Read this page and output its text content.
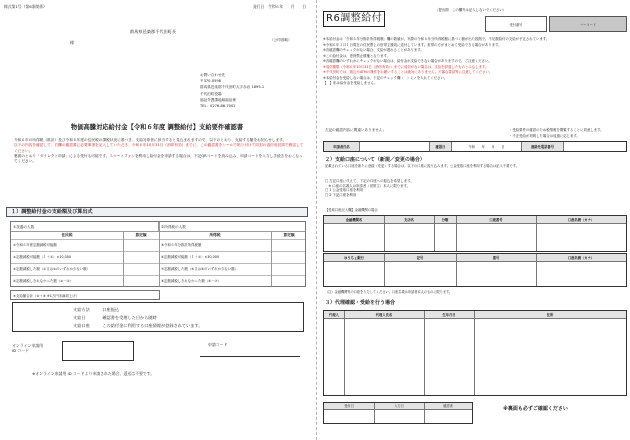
様式第1号（第6条関係）	発行日　令和６年　　月　　日
群馬県邑楽郡千代田町長
様	（公印省略）
お問い合わせ先
〒370-0598
群馬県邑楽郡千代田町大字赤岩 1895-1
千代田町役場
福祉介護課地域福祉係
TEL：0276-86-7002
物価高騰対応給付金【令和６年度 調整給付】支給要件確認書

令和６年の所得税（推計）及び令和６年度の住民税の課税状況に基づき、支給対象者に該当すると見込まれますので、以下のとおり、支給する額をお知らせします。

以下の内容を確認して、右欄の確認書に必要事項を記入していただき、令和６年10月31日（消印有効）までに、この確認書をシールで貼り付けて同封の返信用封筒で郵送してください。

裏面のとおり「ダイレクト申請」による受付も可能です。スマートフォンを利用し給付金を申請する場合は、下記QRコードを読み込み、申請コードを入力し手続きをおこなってください。

１）調整給付金の支給額及び算出式
①扶養の人数	②所得税の人数
住民税	算定額	所得税	算定額
①令和６年度定額減税可能額
②定額減税可能額（１＋①）×10,000
③定額減税した額（①又は②のいずれか少ない額）
④定額減税しきれなかった額（②－③）
⑤令和６年分推計所得税額
⑥定額減税可能額（１＋①）×30,000
⑦定額減税した額（⑤又は⑥のいずれか少ない額）
⑧定額減税しきれなかった額（⑥－⑦）
⑨支給額合計（④＋⑧ ※1万円未満切上げ）
支給方法	口座振込
支給日	確認書を受理した日から随時
支給口座	この給付金に利用する口座情報が登録されています。
オンライン申請用
ID コード
申請コード
※オンライン申請用 ID コードより申請された場合、返送は不要です。
R6調整給付
（提出期　この欄外は記入しないでください）
受付番号	バーコード

※本給付金は「令和６年分推計所得税額」欄の数値が、実際の令和６年分所得税額に基づく額が出た段階で、不足額給付の支給が予定されています。

※令和６年１月１日現在の住民票上の世帯主様宛に送付しています。世帯の方がまとめて受給できる場合があります。

※各確認欄のチェックがない場合、支給が遅れることがあります。

※この給付金は、差押禁止債権となります。

※各確認欄のいずれかにチェックがない場合は、給付金が支給できない場合がありますので、ご注意ください。

※返信期限（令和６年10月31日（消印有効））までに返信がない場合は、支給を辞退したものとみなします。

※千代田町では、振込やATMの操作をお願いすることは絶対にありません。不審な電話等に注意してください。

※本給付金を受給しない場合は、下記のチェック欄（　）に✓を入れてください。

【　】私は給付金を受給しません。

左記の確認内容に間違いありません。	・受給要件の確認のため税情報を閲覧することに同意します。
・不正受給が判明した場合は返還に応じます。
申請者氏名	確認日	令和　　年　　月　　日	連絡先電話番号
２）支給口座について（新規／変更の場合）
記載されている口座を新たに登録（変更）する場合は、以下の口座に振り込みます。公金受取口座を利用する場合は記入不要です。
□ 左記口座に代えて、下記の口座への振込を希望します。
　※ 口座の名義人は申請者（世帯主）本人に限ります。
□ 1 公金受取口座を利用
□ 2 下記口座を利用
【受取口座記入欄】金融機関の場合
金融機関名	支店名	分類	口座番号	口座名義（カナ）
ゆうちょ銀行	記号	番号	口座名義（カナ）
（注）金融機関等の口座を入力してください。口座名義は申請者本人のものに限ります。
３）代理確認・受給を行う場合
代理人	代理人氏名	生年月日	住所
受付日	入力日	確認者	※裏面も必ずご確認ください
